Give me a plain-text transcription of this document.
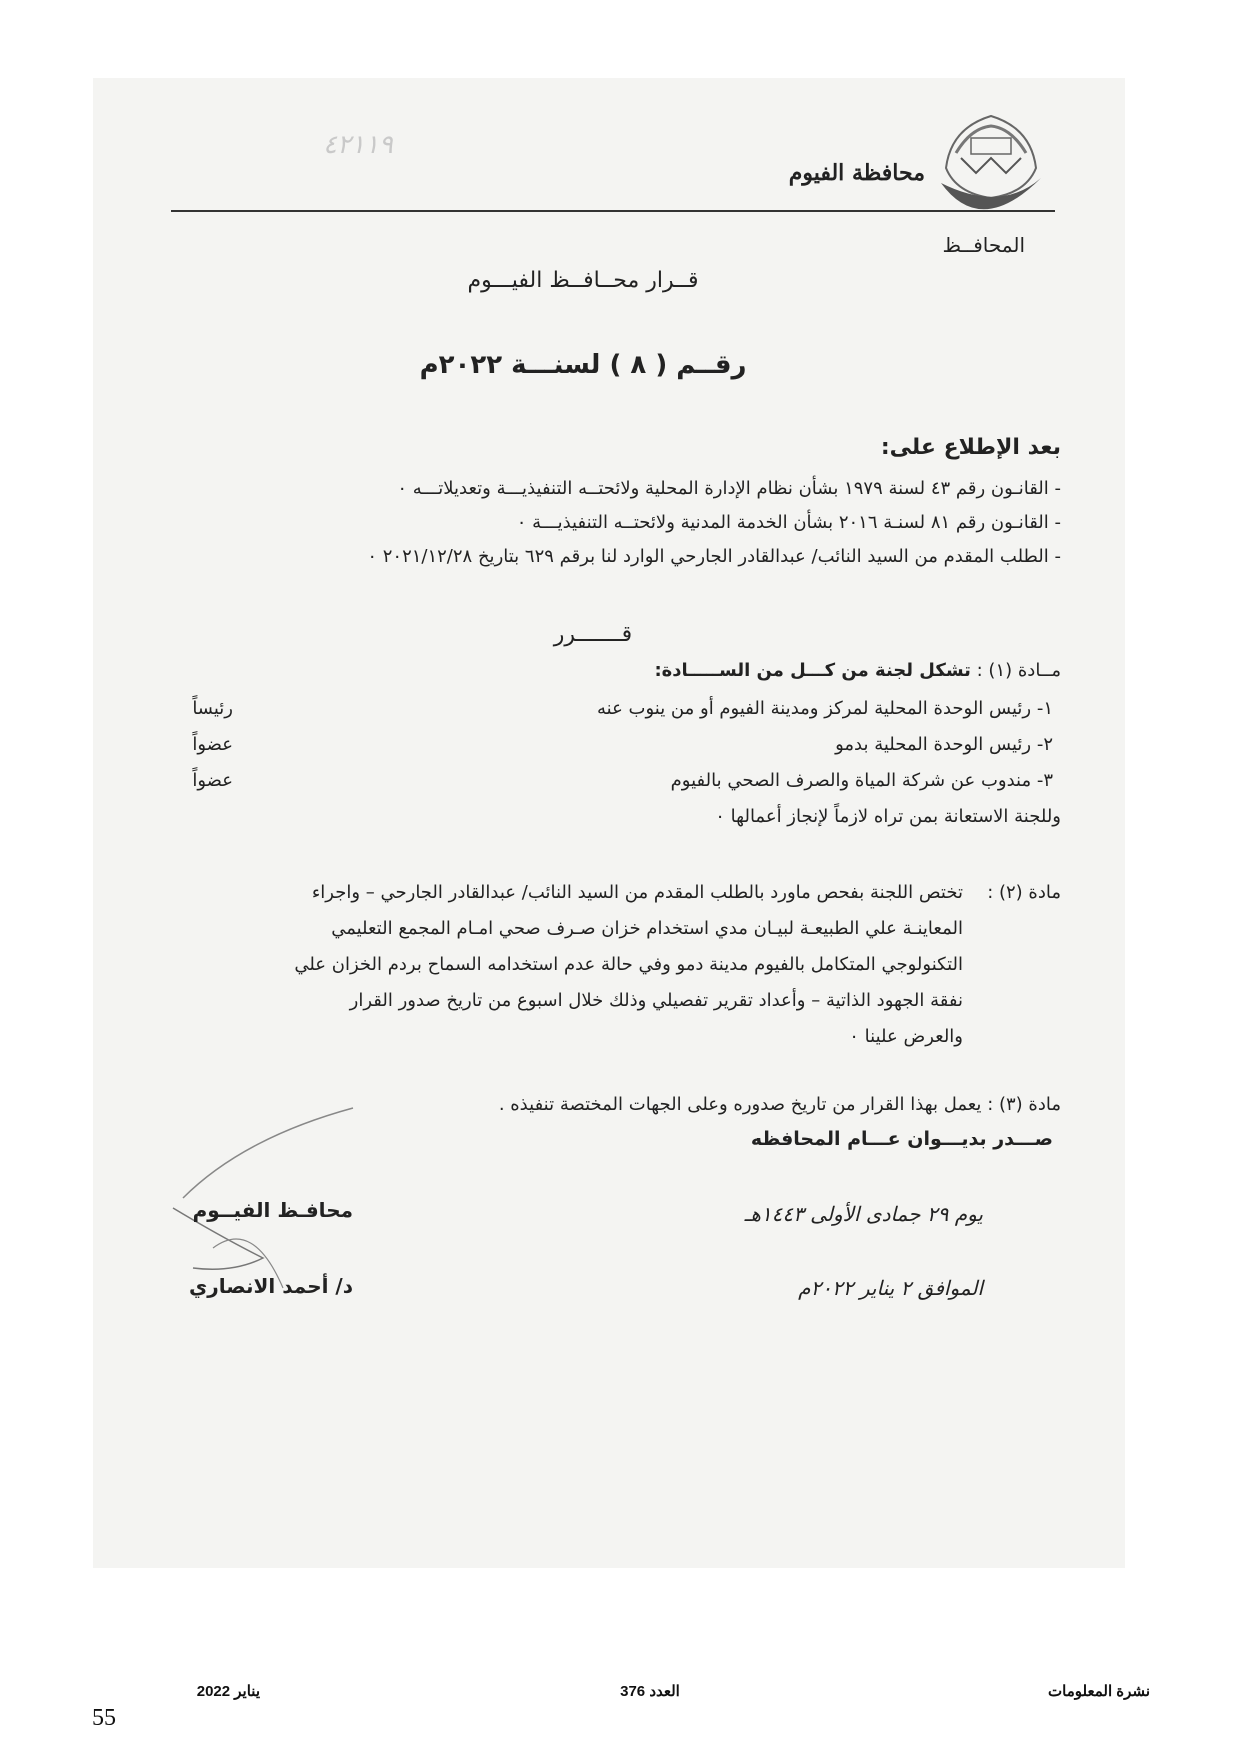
٤٢١١٩
محافظة الفيوم
المحافــظ
قــرار محــافــظ الفيـــوم
رقــم ( ٨ ) لسنـــة ٢٠٢٢م
بعد الإطلاع على:
- القانـون رقم ٤٣ لسنة ١٩٧٩ بشأن نظام الإدارة المحلية ولائحتــه التنفيذيـــة وتعديلاتـــه ٠
- القانـون رقم ٨١ لسنـة ٢٠١٦ بشأن الخدمة المدنية ولائحتــه التنفيذيـــة ٠
- الطلب المقدم من السيد النائب/ عبدالقادر الجارحي الوارد لنا برقم ٦٢٩ بتاريخ ٢٠٢١/١٢/٢٨ ٠
قـــــــرر
مــادة (١) : تشكل لجنة من كـــل من الســـــادة:
١- رئيس الوحدة المحلية لمركز ومدينة الفيوم أو من ينوب عنه
رئيساً
٢- رئيس الوحدة المحلية بدمو
عضواً
٣- مندوب عن شركة المياة والصرف الصحي بالفيوم
عضواً
وللجنة الاستعانة بمن تراه لازماً لإنجاز أعمالها ٠
مادة (٢) :
تختص اللجنة بفحص ماورد بالطلب المقدم من السيد النائب/ عبدالقادر الجارحي – واجراء
المعاينـة علي الطبيعـة لبيـان مدي استخدام خزان صـرف صحي امـام المجمع التعليمي
التكنولوجي المتكامل بالفيوم مدينة دمو وفي حالة عدم استخدامه السماح بردم الخزان علي
نفقة الجهود الذاتية – وأعداد تقرير تفصيلي وذلك خلال اسبوع من تاريخ صدور القرار
والعرض علينا ٠
مادة (٣) : يعمل بهذا القرار من تاريخ صدوره وعلى الجهات المختصة تنفيذه .
صـــدر بديـــوان عـــام المحافظه
محافـظ الفيــوم
د/ أحمد الانصاري
يوم ٢٩ جمادى الأولى ١٤٤٣هـ
الموافق ٢ يناير ٢٠٢٢م
نشرة المعلومات
العدد 376
يناير 2022
55
